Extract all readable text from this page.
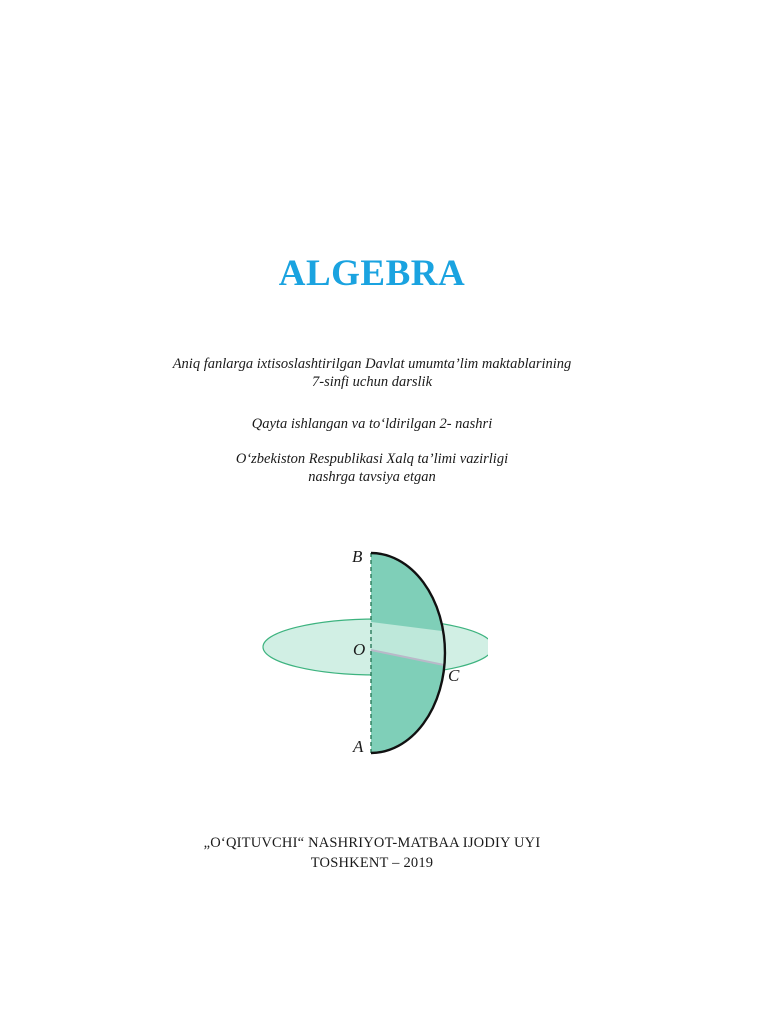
ALGEBRA
Aniq fanlarga ixtisoslashtirilgan Davlat umumta’lim maktablarining
7-sinfi uchun darslik
Qayta ishlangan va to‘ldirilgan 2- nashri
O‘zbekiston Respublikasi Xalq ta’limi vazirligi
nashrga tavsiya etgan
B
O
C
A
„O‘QITUVCHI“ NASHRIYOT-MATBAA IJODIY UYI
TOSHKENT – 2019
